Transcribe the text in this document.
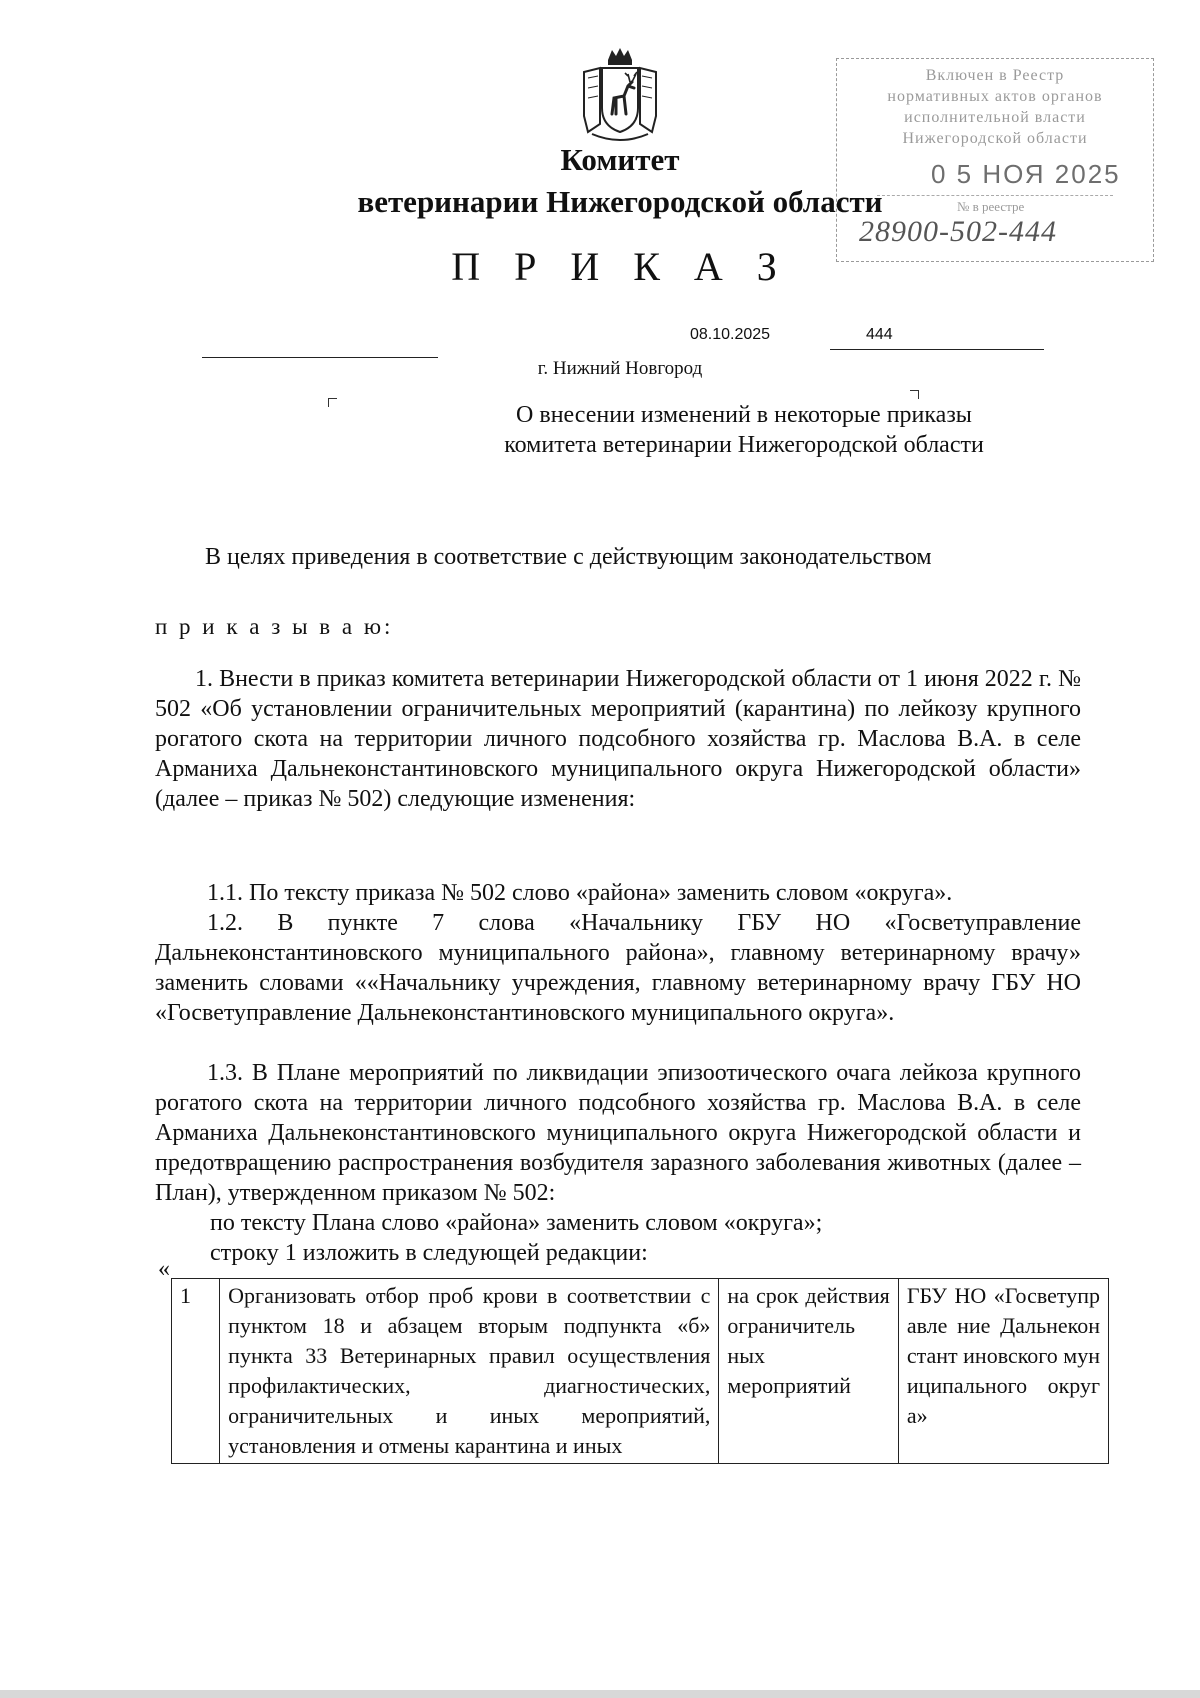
Комитет
ветеринарии Нижегородской области
П Р И К А З
08.10.2025	444
г. Нижний Новгород
О внесении изменений в некоторые приказы
комитета ветеринарии Нижегородской области
В целях приведения в соответствие с действующим законодательством
п р и к а з ы в а ю:
1. Внести в приказ комитета ветеринарии Нижегородской области от 1 июня 2022 г. № 502 «Об установлении ограничительных мероприятий (карантина) по лейкозу крупного рогатого скота на территории личного подсобного хозяйства гр. Маслова В.А. в селе Арманиха Дальнеконстантиновского муниципального округа Нижегородской области» (далее – приказ № 502) следующие изменения:
1.1. По тексту приказа № 502 слово «района» заменить словом «округа».
1.2. В пункте 7 слова «Начальнику ГБУ НО «Госветуправление Дальнеконстантиновского муниципального района», главному ветеринарному врачу» заменить словами ««Начальнику учреждения, главному ветеринарному врачу ГБУ НО «Госветуправление Дальнеконстантиновского муниципального округа».
1.3. В Плане мероприятий по ликвидации эпизоотического очага лейкоза крупного рогатого скота на территории личного подсобного хозяйства гр. Маслова В.А. в селе Арманиха Дальнеконстантиновского муниципального округа Нижегородской области и предотвращению распространения возбудителя заразного заболевания животных (далее – План), утвержденном приказом № 502:
по тексту Плана слово «района» заменить словом «округа»;
строку 1 изложить в следующей редакции:
«
1	Организовать отбор проб крови в соответствии с пунктом 18 и абзацем вторым подпункта «б» пункта 33 Ветеринарных правил осуществления профилактических, диагностических, ограничительных и иных мероприятий, установления и отмены карантина и иных	на срок действия ограничитель ных мероприятий	ГБУ НО «Госветуправле ние Дальнеконстант иновского муниципального округа»
Включен в Реестр
нормативных актов органов
исполнительной власти
Нижегородской области
0 5 НОЯ 2025
№ в реестре
28900-502-444
